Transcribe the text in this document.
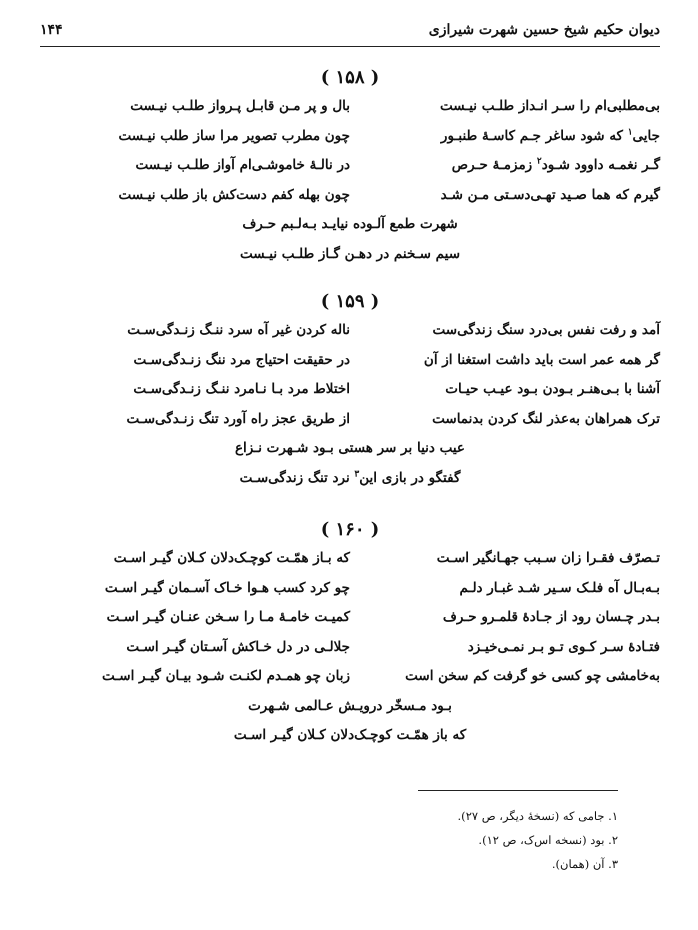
دیوان حکیم شیخ حسین شهرت شیرازی
۱۴۴
( ۱۵۸ )
بی‌مطلبی‌ام را سـر انـداز طلـب نیـست
بال و پر مـن قابـل پـرواز طلـب نیـست
جایی$^۱$ که شود ساغر جـم کاسـهٔ طنبـور
چون مطرب تصویر مرا ساز طلب نیـست
گـر نغمـه داوود شـود$^۲$ زمزمـهٔ حـرص
در نالـهٔ خاموشـی‌ام آواز طلـب نیـست
گیرم که هما صـید تهـی‌دسـتی مـن شـد
چون بهله کفم دست‌کش باز طلب نیـست
شهرت طمع آلـوده نیایـد بـه‌لـبم حـرف
سیم سـخنم در دهـن گـاز طلـب نیـست
( ۱۵۹ )
آمد و رفت نفس بی‌درد سنگ زندگی‌ست
ناله کردن غیر آه سرد ننـگ زنـدگی‌سـت
گر همه عمر است باید داشت استغنا از آن
در حقیقت احتیاج مرد ننگ زنـدگی‌سـت
آشنا با بـی‌هنـر بـودن بـود عیـب حیـات
اختلاط مرد بـا نـامرد ننـگ زنـدگی‌سـت
ترک همراهان به‌عذر لنگ کردن بدنماست
از طریق عجز راه آورد تنگ زنـدگی‌سـت
عیب دنیا بر سر هستی بـود شـهرت نـزاع
گفتگو در بازی این$^۳$ نرد تنگ زندگی‌سـت
( ۱۶۰ )
تـصرّف فقـرا زان سـبب جهـانگیر اسـت
که بـاز همّـت کوچـک‌دلان کـلان گیـر اسـت
بـه‌بـال آه فلـک سـیر شـد غبـار دلـم
چو کرد کسب هـوا خـاک آسـمان گیـر اسـت
بـدر چـسان رود از جـادهٔ قلمـرو حـرف
کمیـت خامـهٔ مـا را سـخن عنـان گیـر اسـت
فتـادهٔ سـر کـوی تـو بـر نمـی‌خیـزد
جلالـی در دل خـاکش آسـتان گیـر اسـت
به‌خامشی چو کسی خو گرفت کم سخن است
زبان چو همـدم لکنـت شـود بیـان گیـر اسـت
بـود مـسخّر درویـش عـالمی شـهرت
که باز همّـت کوچـک‌دلان کـلان گیـر اسـت
۱. جامی که (نسخهٔ دیگر، ص ۲۷).
۲. بود (نسخه اس‌ک، ص ۱۲).
۳. آن (همان).
